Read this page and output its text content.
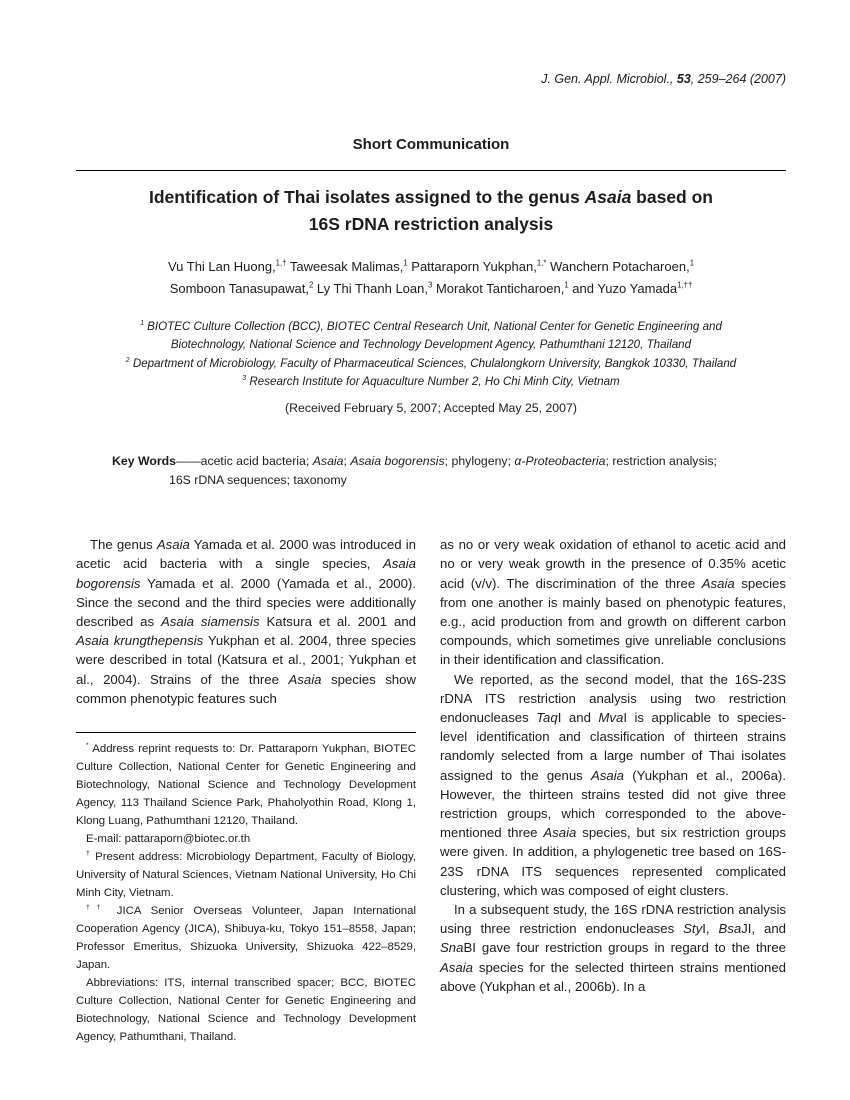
J. Gen. Appl. Microbiol., 53, 259–264 (2007)
Short Communication
Identification of Thai isolates assigned to the genus Asaia based on
16S rDNA restriction analysis
Vu Thi Lan Huong,$^{1,\dagger}$ Taweesak Malimas,$^1$ Pattaraporn Yukphan,$^{1,*}$ Wanchern Potacharoen,$^1$
Somboon Tanasupawat,$^2$ Ly Thi Thanh Loan,$^3$ Morakot Tanticharoen,$^1$ and Yuzo Yamada$^{1,\dagger\dagger}$
$^1$ BIOTEC Culture Collection (BCC), BIOTEC Central Research Unit, National Center for Genetic Engineering and
Biotechnology, National Science and Technology Development Agency, Pathumthani 12120, Thailand
$^2$ Department of Microbiology, Faculty of Pharmaceutical Sciences, Chulalongkorn University, Bangkok 10330, Thailand
$^3$ Research Institute for Aquaculture Number 2, Ho Chi Minh City, Vietnam
(Received February 5, 2007; Accepted May 25, 2007)
Key Words——acetic acid bacteria; Asaia; Asaia bogorensis; phylogeny; α-Proteobacteria; restriction analysis;
16S rDNA sequences; taxonomy

The genus Asaia Yamada et al. 2000 was introduced in acetic acid bacteria with a single species, Asaia bogorensis Yamada et al. 2000 (Yamada et al., 2000). Since the second and the third species were additionally described as Asaia siamensis Katsura et al. 2001 and Asaia krungthepensis Yukphan et al. 2004, three species were described in total (Katsura et al., 2001; Yukphan et al., 2004). Strains of the three Asaia species show common phenotypic features such

* Address reprint requests to: Dr. Pattaraporn Yukphan, BIOTEC Culture Collection, National Center for Genetic Engineering and Biotechnology, National Science and Technology Development Agency, 113 Thailand Science Park, Phaholyothin Road, Klong 1, Klong Luang, Pathumthani 12120, Thailand.

E-mail: pattaraporn@biotec.or.th

† Present address: Microbiology Department, Faculty of Biology, University of Natural Sciences, Vietnam National University, Ho Chi Minh City, Vietnam.

†† JICA Senior Overseas Volunteer, Japan International Cooperation Agency (JICA), Shibuya-ku, Tokyo 151–8558, Japan; Professor Emeritus, Shizuoka University, Shizuoka 422–8529, Japan.

Abbreviations: ITS, internal transcribed spacer; BCC, BIOTEC Culture Collection, National Center for Genetic Engineering and Biotechnology, National Science and Technology Development Agency, Pathumthani, Thailand.

as no or very weak oxidation of ethanol to acetic acid and no or very weak growth in the presence of 0.35% acetic acid (v/v). The discrimination of the three Asaia species from one another is mainly based on phenotypic features, e.g., acid production from and growth on different carbon compounds, which sometimes give unreliable conclusions in their identification and classification.

We reported, as the second model, that the 16S-23S rDNA ITS restriction analysis using two restriction endonucleases TaqI and MvaI is applicable to species-level identification and classification of thirteen strains randomly selected from a large number of Thai isolates assigned to the genus Asaia (Yukphan et al., 2006a). However, the thirteen strains tested did not give three restriction groups, which corresponded to the above-mentioned three Asaia species, but six restriction groups were given. In addition, a phylogenetic tree based on 16S-23S rDNA ITS sequences represented complicated clustering, which was composed of eight clusters.

In a subsequent study, the 16S rDNA restriction analysis using three restriction endonucleases StyI, BsaJI, and SnaBI gave four restriction groups in regard to the three Asaia species for the selected thirteen strains mentioned above (Yukphan et al., 2006b). In a
